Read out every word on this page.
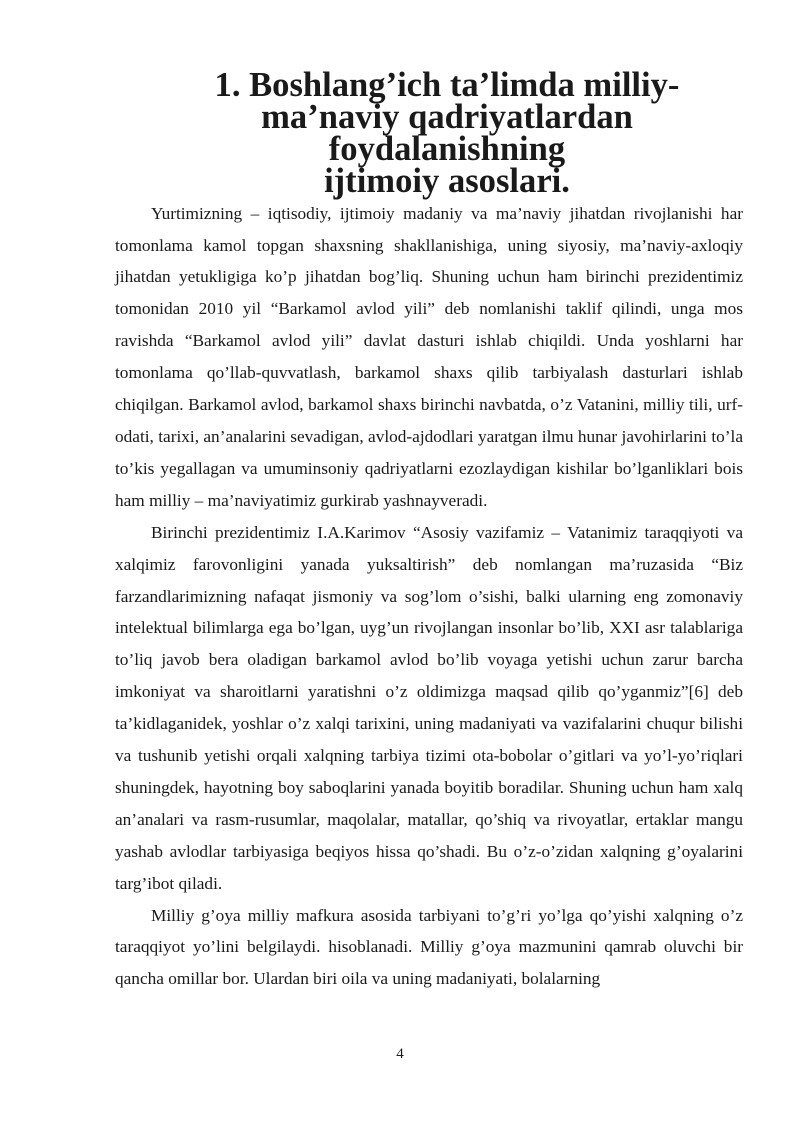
1. Boshlang’ich ta’limda milliy-ma’naviy qadriyatlardan foydalanishning
ijtimoiy asoslari.

Yurtimizning – iqtisodiy, ijtimoiy madaniy va ma’naviy jihatdan rivojlanishi har tomonlama kamol topgan shaxsning shakllanishiga, uning siyosiy, ma’naviy-axloqiy jihatdan yetukligiga ko’p jihatdan bog’liq. Shuning uchun ham birinchi prezidentimiz tomonidan 2010 yil “Barkamol avlod yili” deb nomlanishi taklif qilindi, unga mos ravishda “Barkamol avlod yili” davlat dasturi ishlab chiqildi. Unda yoshlarni har tomonlama qo’llab-quvvatlash, barkamol shaxs qilib tarbiyalash dasturlari ishlab chiqilgan. Barkamol avlod, barkamol shaxs birinchi navbatda, o’z Vatanini, milliy tili, urf-odati, tarixi, an’analarini sevadigan, avlod-ajdodlari yaratgan ilmu hunar javohirlarini to’la to’kis yegallagan va umuminsoniy qadriyatlarni ezozlaydigan kishilar bo’lganliklari bois ham milliy – ma’naviyatimiz gurkirab yashnayveradi.

Birinchi prezidentimiz I.A.Karimov “Asosiy vazifamiz – Vatanimiz taraqqiyoti va xalqimiz farovonligini yanada yuksaltirish” deb nomlangan ma’ruzasida “Biz farzandlarimizning nafaqat jismoniy va sog’lom o’sishi, balki ularning eng zomonaviy intelektual bilimlarga ega bo’lgan, uyg’un rivojlangan insonlar bo’lib, XXI asr talablariga to’liq javob bera oladigan barkamol avlod bo’lib voyaga yetishi uchun zarur barcha imkoniyat va sharoitlarni yaratishni o’z oldimizga maqsad qilib qo’yganmiz”[6] deb ta’kidlaganidek, yoshlar o’z xalqi tarixini, uning madaniyati va vazifalarini chuqur bilishi va tushunib yetishi orqali xalqning tarbiya tizimi ota-bobolar o’gitlari va yo’l-yo’riqlari shuningdek, hayotning boy saboqlarini yanada boyitib boradilar. Shuning uchun ham xalq an’analari va rasm-rusumlar, maqolalar, matallar, qo’shiq va rivoyatlar, ertaklar mangu yashab avlodlar tarbiyasiga beqiyos hissa qo’shadi. Bu o’z-o’zidan xalqning g’oyalarini targ’ibot qiladi.

Milliy g’oya milliy mafkura asosida tarbiyani to’g’ri yo’lga qo’yishi xalqning o’z taraqqiyot yo’lini belgilaydi. hisoblanadi. Milliy g’oya mazmunini qamrab oluvchi bir qancha omillar bor. Ulardan biri oila va uning madaniyati, bolalarning

4
